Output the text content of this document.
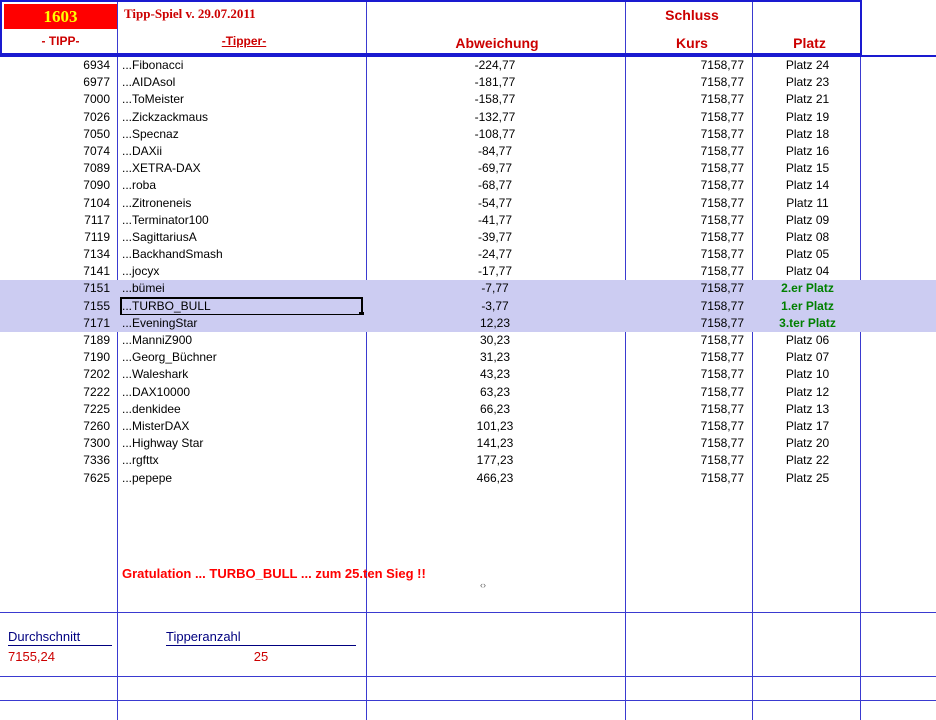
1603	Tipp-Spiel v. 29.07.2011	Schluss
- TIPP-	-Tipper-	Abweichung	Kurs	Platz
6934 ...Fibonacci	-224,77	7158,77	Platz 24
6977 ...AIDAsol	-181,77	7158,77	Platz 23
7000 ...ToMeister	-158,77	7158,77	Platz 21
7026 ...Zickzackmaus	-132,77	7158,77	Platz 19
7050 ...Specnaz	-108,77	7158,77	Platz 18
7074 ...DAXii	-84,77	7158,77	Platz 16
7089 ...XETRA-DAX	-69,77	7158,77	Platz 15
7090 ...roba	-68,77	7158,77	Platz 14
7104 ...Zitroneneis	-54,77	7158,77	Platz 11
7117 ...Terminator100	-41,77	7158,77	Platz 09
7119 ...SagittariusA	-39,77	7158,77	Platz 08
7134 ...BackhandSmash	-24,77	7158,77	Platz 05
7141 ...jocyx	-17,77	7158,77	Platz 04
7151 ...bümei	-7,77	7158,77	2.er Platz
7155 ...TURBO_BULL	-3,77	7158,77	1.er Platz
7171 ...EveningStar	12,23	7158,77	3.ter Platz
7189 ...ManniZ900	30,23	7158,77	Platz 06
7190 ...Georg_Büchner	31,23	7158,77	Platz 07
7202 ...Waleshark	43,23	7158,77	Platz 10
7222 ...DAX10000	63,23	7158,77	Platz 12
7225 ...denkidee	66,23	7158,77	Platz 13
7260 ...MisterDAX	101,23	7158,77	Platz 17
7300 ...Highway Star	141,23	7158,77	Platz 20
7336 ...rgfttx	177,23	7158,77	Platz 22
7625 ...pepepe	466,23	7158,77	Platz 25
Gratulation ... TURBO_BULL ... zum 25.ten Sieg !!
‹›
Durchschnitt	Tipperanzahl
7155,24	25
